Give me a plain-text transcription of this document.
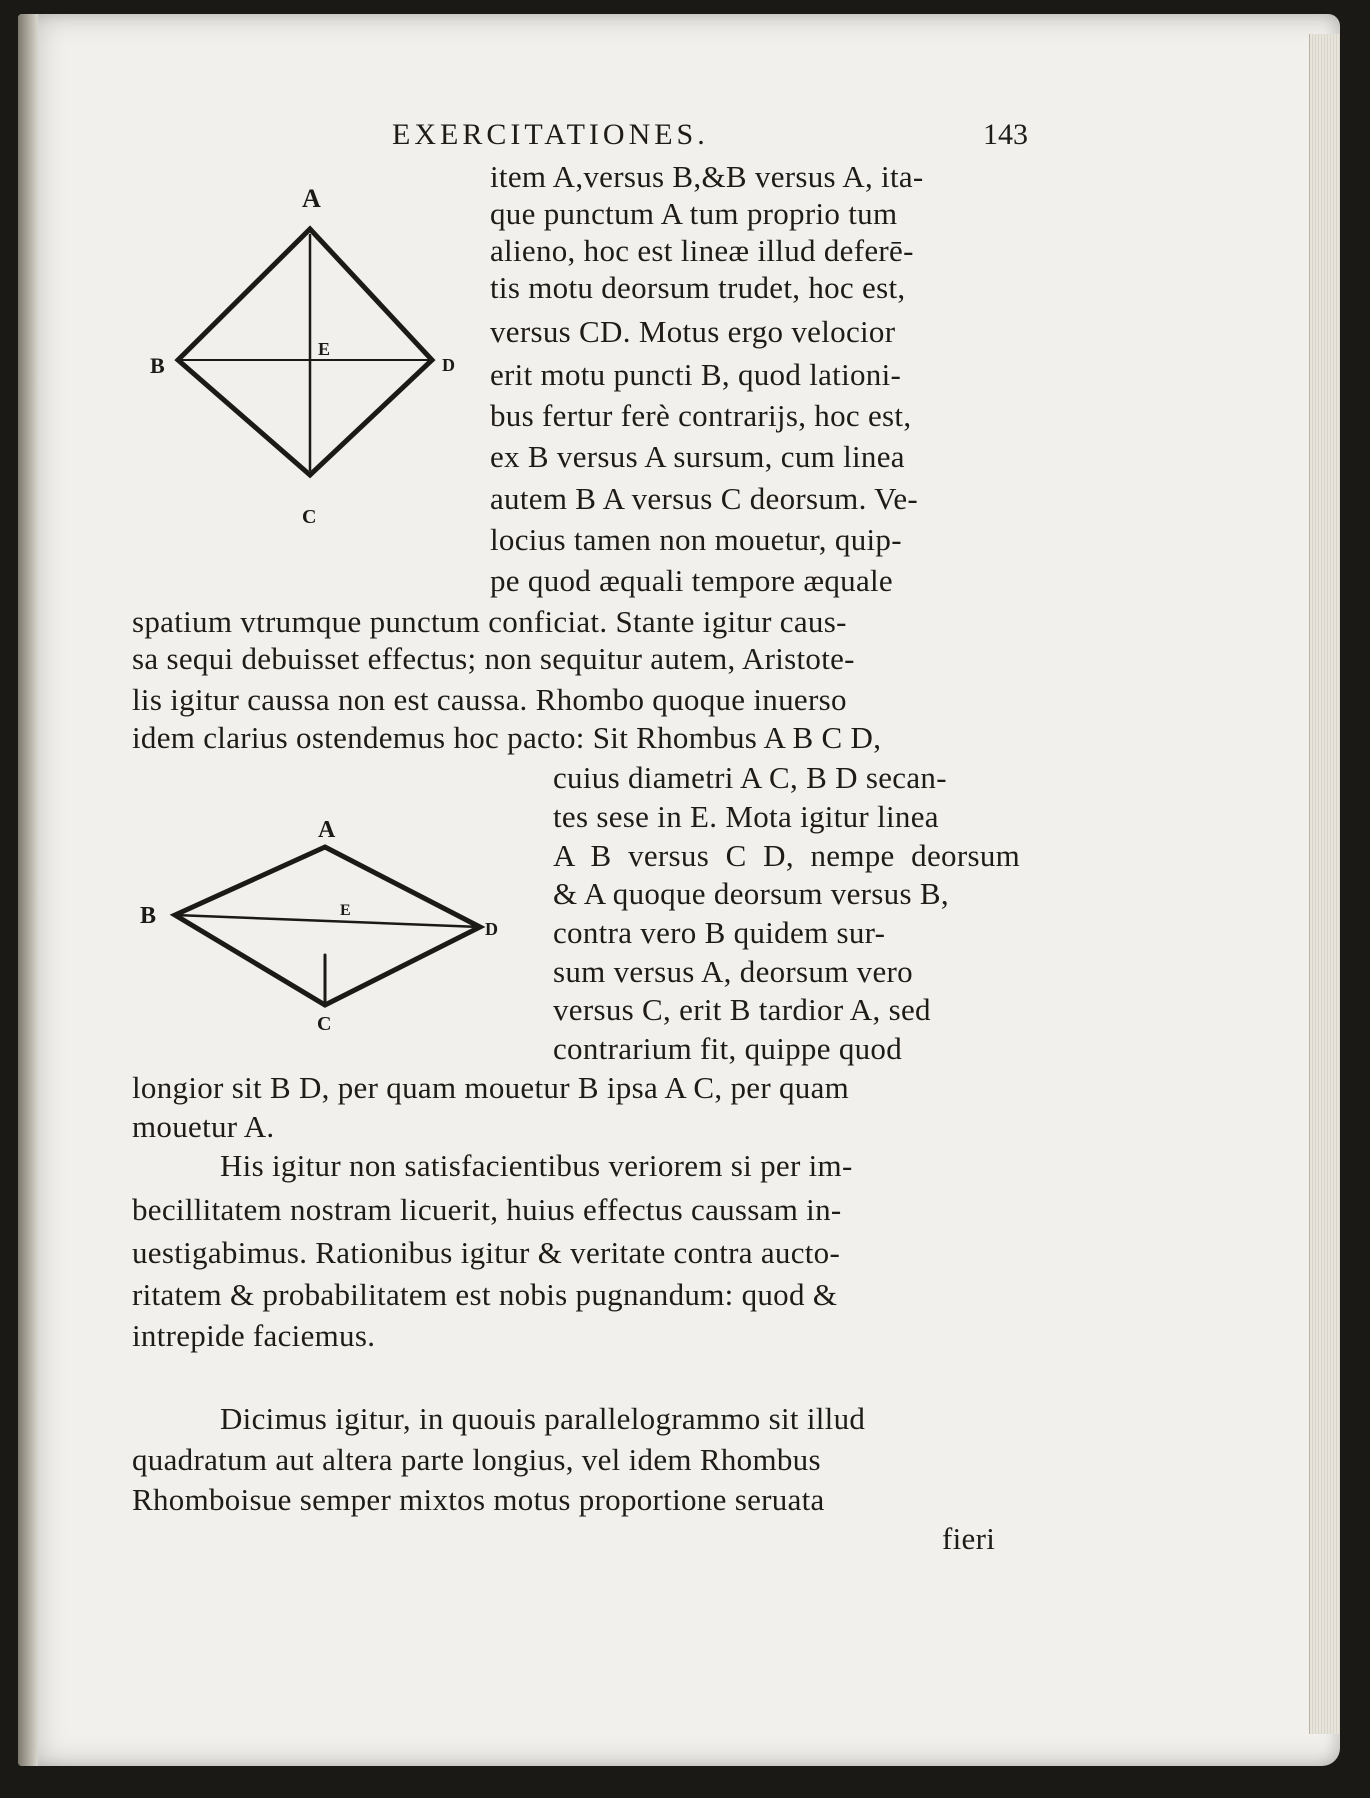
EXERCITATIONES.	143

A
B
C
D
E
A
B
C
D
E

item A,versus B,&B versus A, ita-

que punctum A tum proprio tum

alieno, hoc est lineæ illud deferē-

tis motu deorsum trudet, hoc est,

versus CD. Motus ergo velocior

erit motu puncti B, quod lationi-

bus fertur ferè contrarijs, hoc est,

ex B versus A sursum, cum linea

autem B A versus C deorsum. Ve-

locius tamen non mouetur, quip-

pe quod æquali tempore æquale

spatium vtrumque punctum conficiat. Stante igitur caus-

sa sequi debuisset effectus; non sequitur autem, Aristote-

lis igitur caussa non est caussa. Rhombo quoque inuerso

idem clarius ostendemus hoc pacto: Sit Rhombus A B C D,

cuius diametri A C, B D secan-

tes sese in E. Mota igitur linea

A B versus C D, nempe deorsum

& A quoque deorsum versus B,

contra vero B quidem sur-

sum versus A, deorsum vero

versus C, erit B tardior A, sed

contrarium fit, quippe quod

longior sit B D, per quam mouetur B ipsa A C, per quam

mouetur A.

His igitur non satisfacientibus veriorem si per im-

becillitatem nostram licuerit, huius effectus caussam in-

uestigabimus. Rationibus igitur & veritate contra aucto-

ritatem & probabilitatem est nobis pugnandum: quod &

intrepide faciemus.

Dicimus igitur, in quouis parallelogrammo sit illud

quadratum aut altera parte longius, vel idem Rhombus

Rhomboisue semper mixtos motus proportione seruata

fieri
